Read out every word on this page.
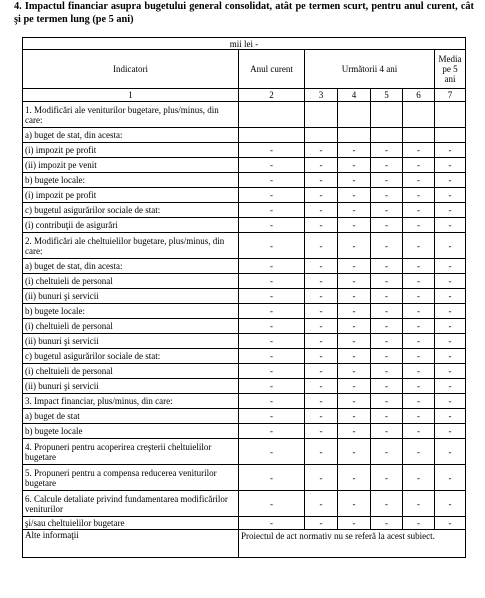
4. Impactul financiar asupra bugetului general consolidat, atât pe termen scurt, pentru anul curent, cât şi pe termen lung (pe 5 ani)
mii lei -						
Indicatori	Anul curent	Următorii 4 ani				Media pe 5 ani
1	2	3	4	5	6	7
1. Modificări ale veniturilor bugetare, plus/minus, din care:						
a) buget de stat, din acesta:						
(i) impozit pe profit	-	-	-	-	-	-
(ii) impozit pe venit	-	-	-	-	-	-
b) bugete locale:	-	-	-	-	-	-
(i) impozit pe profit	-	-	-	-	-	-
c) bugetul asigurărilor sociale de stat:	-	-	-	-	-	-
(i) contribuţii de asigurări	-	-	-	-	-	-
2. Modificări ale cheltuielilor bugetare, plus/minus, din care:	-	-	-	-	-	-
a) buget de stat, din acesta:	-	-	-	-	-	-
(i) cheltuieli de personal	-	-	-	-	-	-
(ii) bunuri şi servicii	-	-	-	-	-	-
b) bugete locale:	-	-	-	-	-	-
(i) cheltuieli de personal	-	-	-	-	-	-
(ii) bunuri şi servicii	-	-	-	-	-	-
c) bugetul asigurărilor sociale de stat:	-	-	-	-	-	-
(i) cheltuieli de personal	-	-	-	-	-	-
(ii) bunuri şi servicii	-	-	-	-	-	-
3. Impact financiar, plus/minus, din care:	-	-	-	-	-	-
a) buget de stat	-	-	-	-	-	-
b) bugete locale	-	-	-	-	-	-
4. Propuneri pentru acoperirea creşterii cheltuielilor bugetare	-	-	-	-	-	-
5. Propuneri pentru a compensa reducerea veniturilor bugetare	-	-	-	-	-	-
6. Calcule detaliate privind fundamentarea modificărilor veniturilor	-	-	-	-	-	-
şi/sau cheltuielilor bugetare	-	-	-	-	-	-
Alte informaţii	Proiectul de act normativ nu se referă la acest subiect.					
